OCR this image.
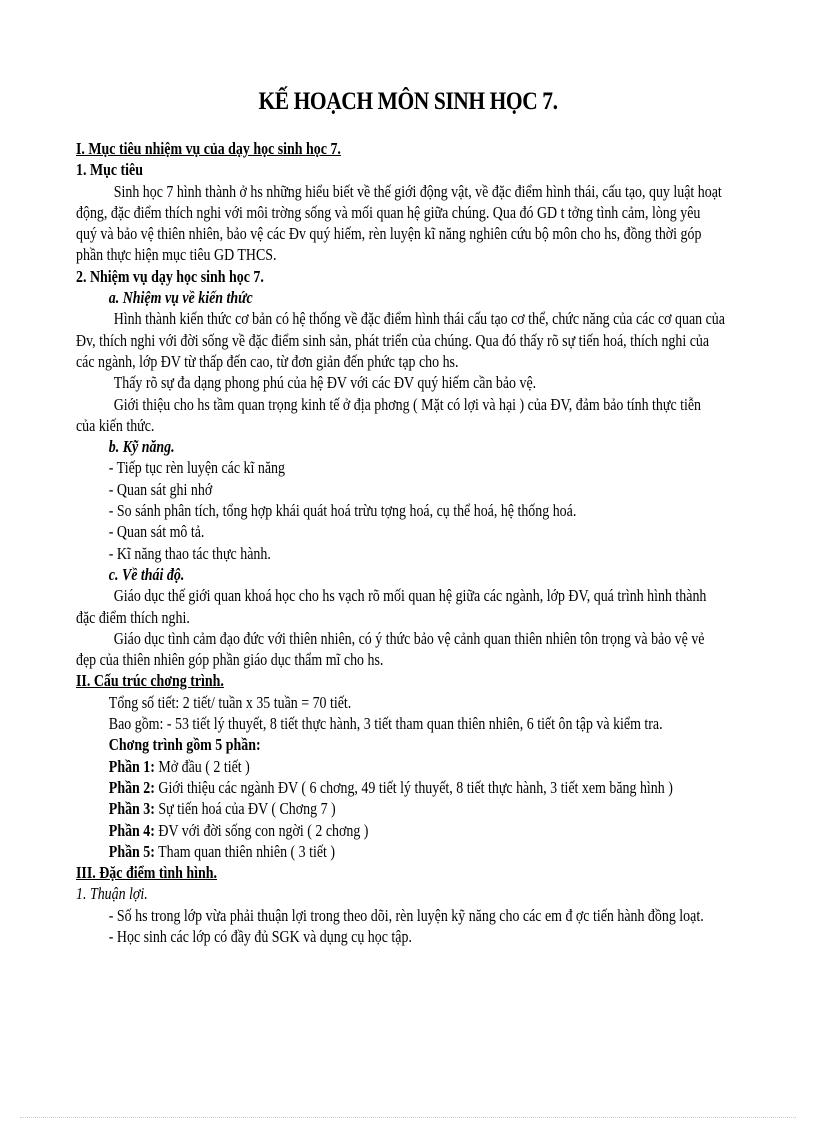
KẾ HOẠCH MÔN SINH HỌC 7.
I. Mục tiêu nhiệm vụ của dạy học sinh học 7.
1. Mục tiêu
Sinh học 7 hình thành ở hs những hiểu biết về thế giới động vật, về đặc điểm hình thái, cấu tạo, quy luật hoạt
động, đặc điểm thích nghi với môi trờng sống và mối quan hệ giữa chúng. Qua đó GD t tởng tình cảm, lòng yêu
quý và bảo vệ thiên nhiên, bảo vệ các Đv quý hiếm, rèn luyện kĩ năng nghiên cứu bộ môn cho hs, đồng thời góp
phần thực hiện mục tiêu GD THCS.
2. Nhiệm vụ dạy học sinh học 7.
a. Nhiệm vụ về kiến thức
Hình thành kiến thức cơ bản có hệ thống về đặc điểm hình thái cấu tạo cơ thể, chức năng của các cơ quan của
Đv, thích nghi với đời sống về đặc điểm sinh sản, phát triển của chúng. Qua đó thấy rõ sự tiến hoá, thích nghi của
các ngành, lớp ĐV từ thấp đến cao, từ đơn giản đến phức tạp cho hs.
Thấy rõ sự đa dạng phong phú của hệ ĐV với các ĐV quý hiếm cần bảo vệ.
Giới thiệu cho hs tầm quan trọng kinh tế ở địa phơng ( Mặt có lợi và hại ) của ĐV, đảm bảo tính thực tiễn
của kiến thức.
b. Kỹ năng.
- Tiếp tục rèn luyện các kĩ năng
- Quan sát ghi nhớ
- So sánh phân tích, tổng hợp khái quát hoá trừu tợng hoá, cụ thể hoá, hệ thống hoá.
- Quan sát mô tả.
- Kĩ năng thao tác thực hành.
c. Về thái độ.
Giáo dục thế giới quan khoá học cho hs vạch rõ mối quan hệ giữa các ngành, lớp ĐV, quá trình hình thành
đặc điểm thích nghi.
Giáo dục tình cảm đạo đức với thiên nhiên, có ý thức bảo vệ cảnh quan thiên nhiên tôn trọng và bảo vệ vẻ
đẹp của thiên nhiên góp phần giáo dục thẩm mĩ cho hs.
II. Cấu trúc chơng trình.
Tổng số tiết: 2 tiết/ tuần x 35 tuần = 70 tiết.
Bao gồm: - 53 tiết lý thuyết, 8 tiết thực hành, 3 tiết tham quan thiên nhiên, 6 tiết ôn tập và kiểm tra.
Chơng trình gồm 5 phần:
Phần 1: Mở đầu ( 2 tiết )
Phần 2: Giới thiệu các ngành ĐV ( 6 chơng, 49 tiết lý thuyết, 8 tiết thực hành, 3 tiết xem băng hình )
Phần 3: Sự tiến hoá của ĐV ( Chơng 7 )
Phần 4: ĐV với đời sống con ngời ( 2 chơng )
Phần 5: Tham quan thiên nhiên ( 3 tiết )
III. Đặc điểm tình hình.
1. Thuận lợi.
- Số hs trong lớp vừa phải thuận lợi trong theo dõi, rèn luyện kỹ năng cho các em đ ợc tiến hành đồng loạt.
- Học sinh các lớp có đầy đủ SGK và dụng cụ học tập.
